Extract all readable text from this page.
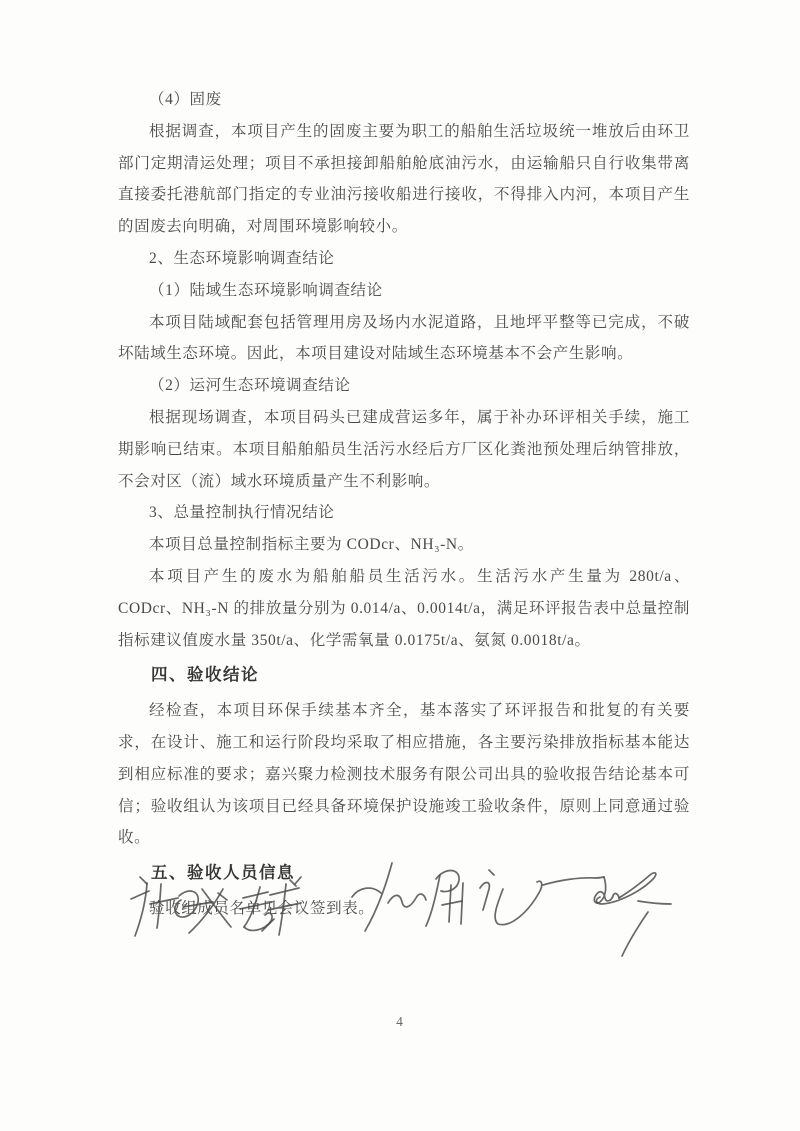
（4）固废

根据调查，本项目产生的固废主要为职工的船舶生活垃圾统一堆放后由环卫部门定期清运处理；项目不承担接卸船舶舱底油污水，由运输船只自行收集带离直接委托港航部门指定的专业油污接收船进行接收，不得排入内河，本项目产生的固废去向明确，对周围环境影响较小。

2、生态环境影响调查结论

（1）陆域生态环境影响调查结论

本项目陆域配套包括管理用房及场内水泥道路，且地坪平整等已完成，不破坏陆域生态环境。因此，本项目建设对陆域生态环境基本不会产生影响。

（2）运河生态环境调查结论

根据现场调查，本项目码头已建成营运多年，属于补办环评相关手续，施工期影响已结束。本项目船舶船员生活污水经后方厂区化粪池预处理后纳管排放，不会对区（流）域水环境质量产生不利影响。

3、总量控制执行情况结论

本项目总量控制指标主要为 CODcr、NH₃-N。

本项目产生的废水为船舶船员生活污水。生活污水产生量为 280t/a、CODcr、NH₃-N 的排放量分别为 0.014/a、0.0014t/a，满足环评报告表中总量控制指标建议值废水量 350t/a、化学需氧量 0.0175t/a、氨氮 0.0018t/a。

四、验收结论

经检查，本项目环保手续基本齐全，基本落实了环评报告和批复的有关要求，在设计、施工和运行阶段均采取了相应措施，各主要污染排放指标基本能达到相应标准的要求；嘉兴聚力检测技术服务有限公司出具的验收报告结论基本可信；验收组认为该项目已经具备环境保护设施竣工验收条件，原则上同意通过验收。

五、验收人员信息

验收组成员名单见会议签到表。

4
